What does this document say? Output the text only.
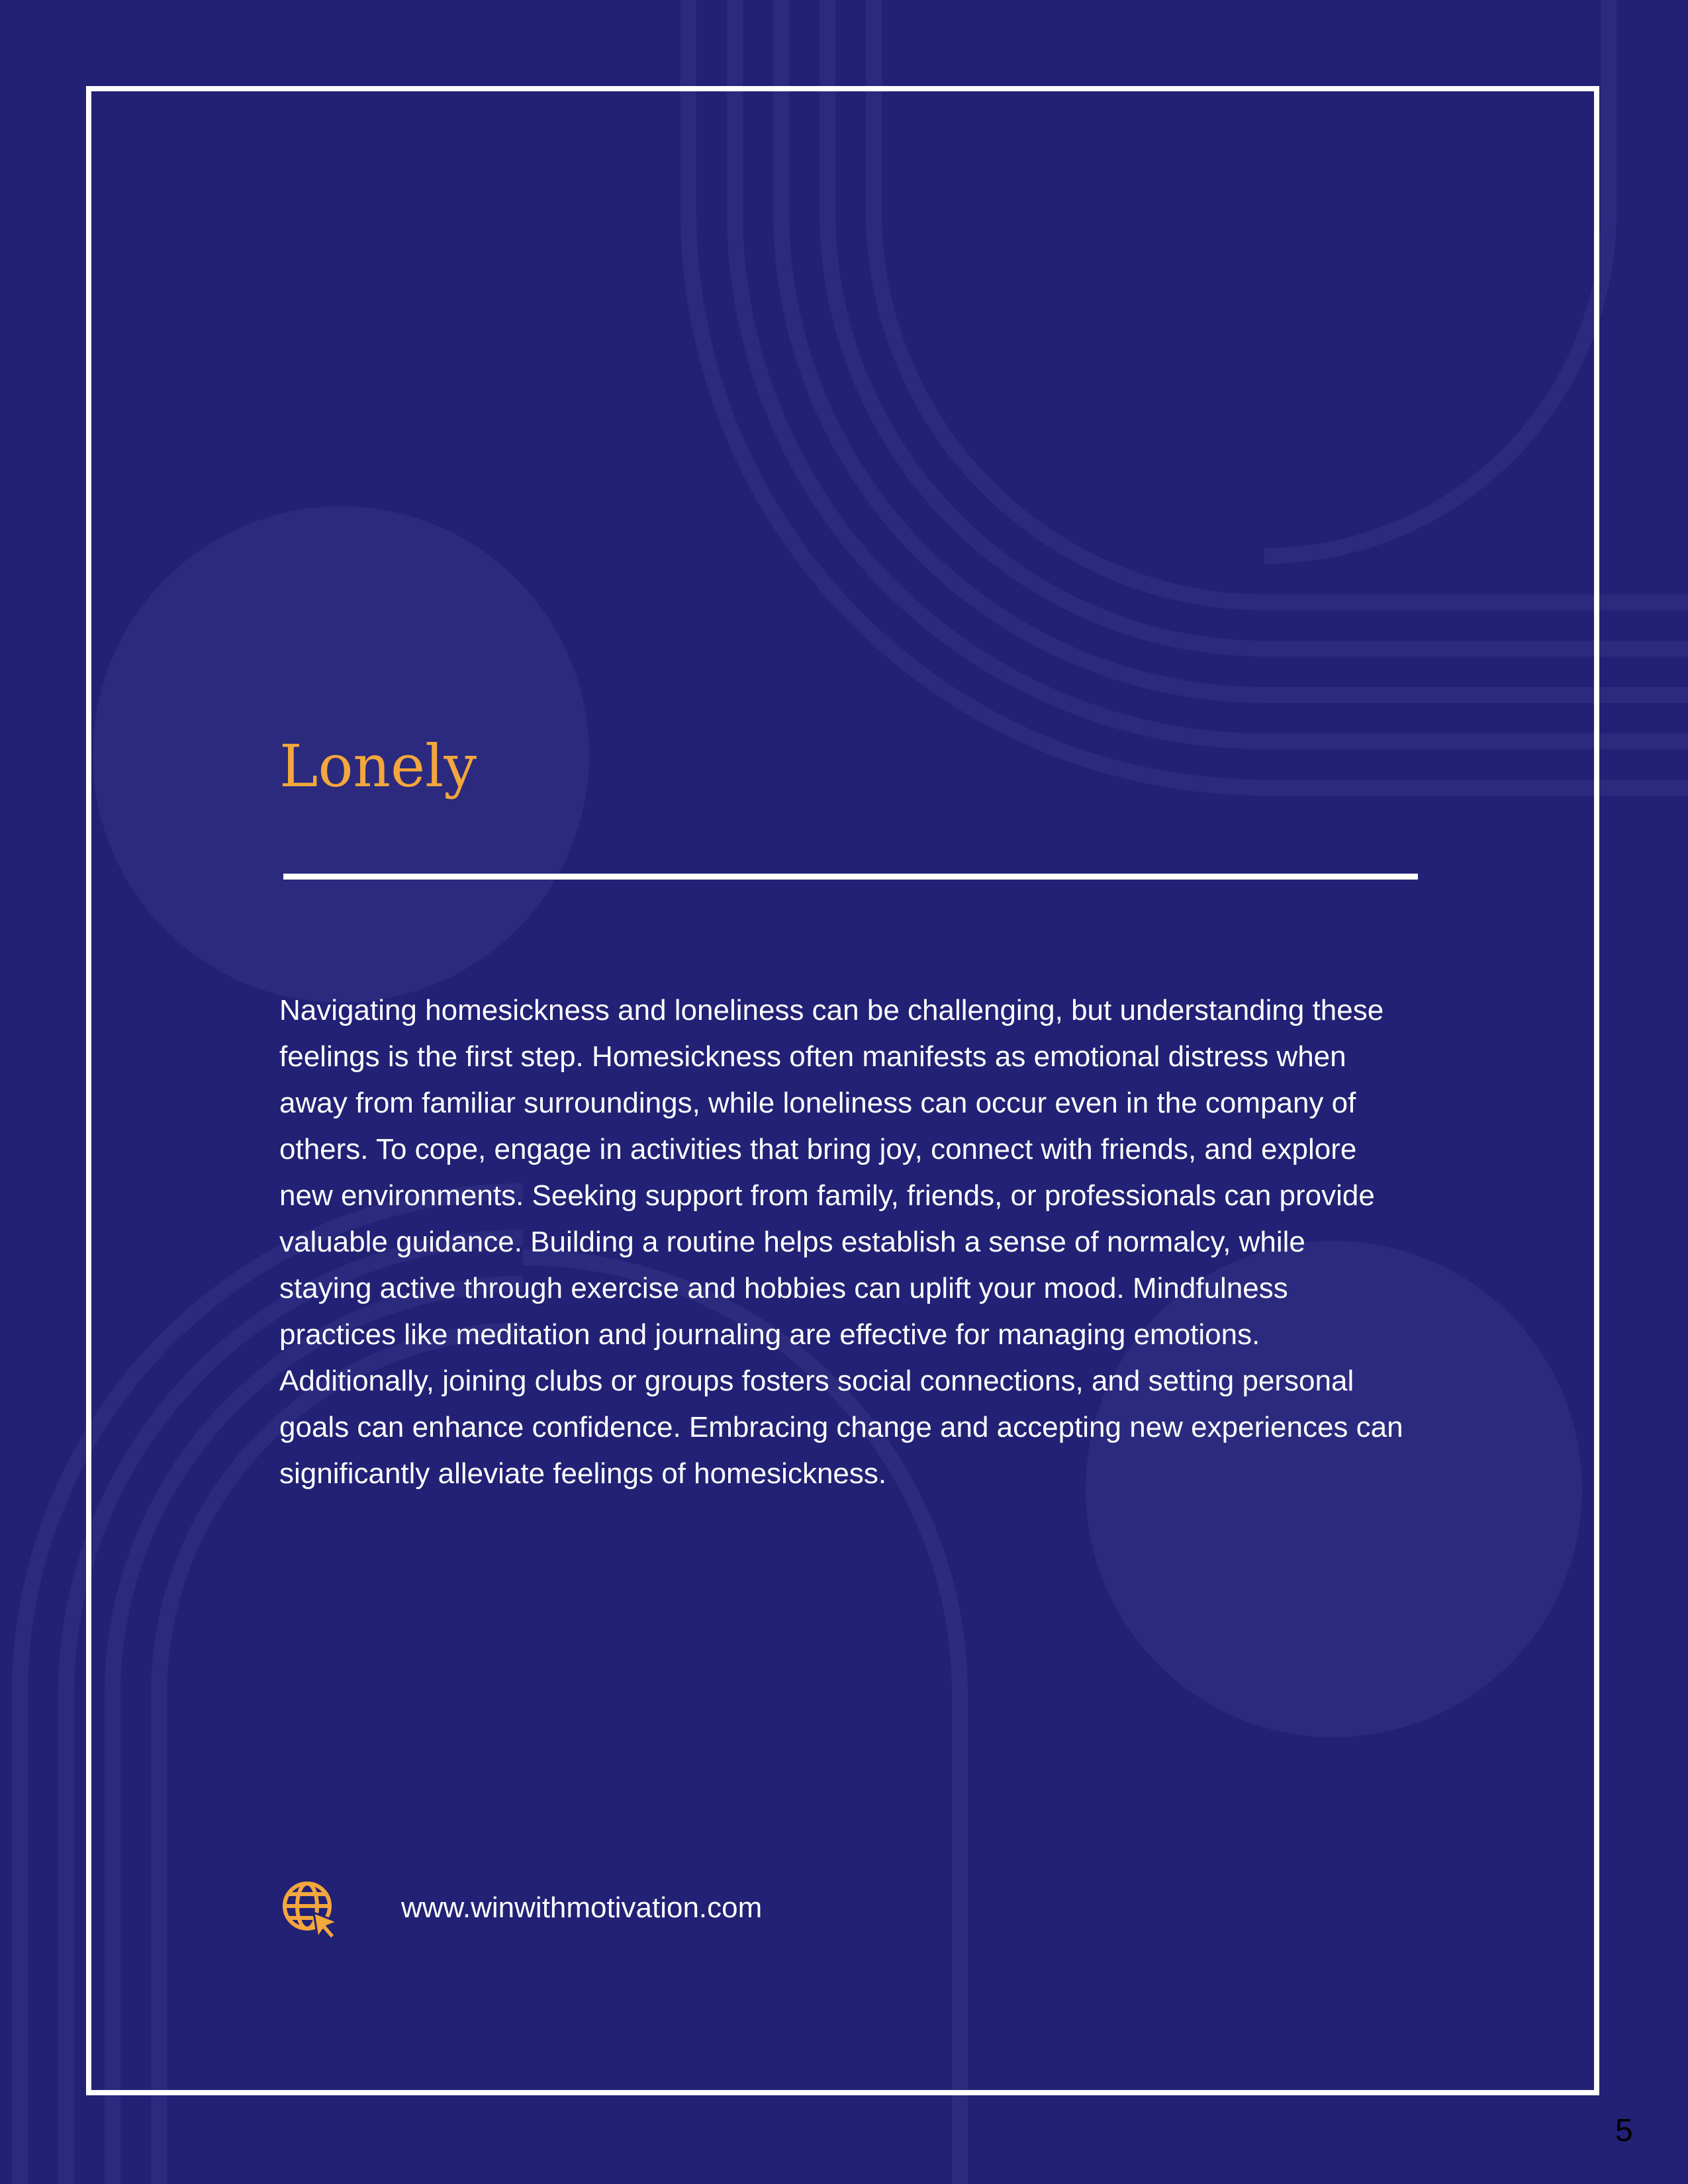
Lonely

Navigating homesickness and loneliness can be challenging, but understanding these feelings is the first step. Homesickness often manifests as emotional distress when away from familiar surroundings, while loneliness can occur even in the company of others. To cope, engage in activities that bring joy, connect with friends, and explore new environments. Seeking support from family, friends, or professionals can provide valuable guidance. Building a routine helps establish a sense of normalcy, while staying active through exercise and hobbies can uplift your mood. Mindfulness practices like meditation and journaling are effective for managing emotions. Additionally, joining clubs or groups fosters social connections, and setting personal goals can enhance confidence. Embracing change and accepting new experiences can significantly alleviate feelings of homesickness.

www.winwithmotivation.com
5
